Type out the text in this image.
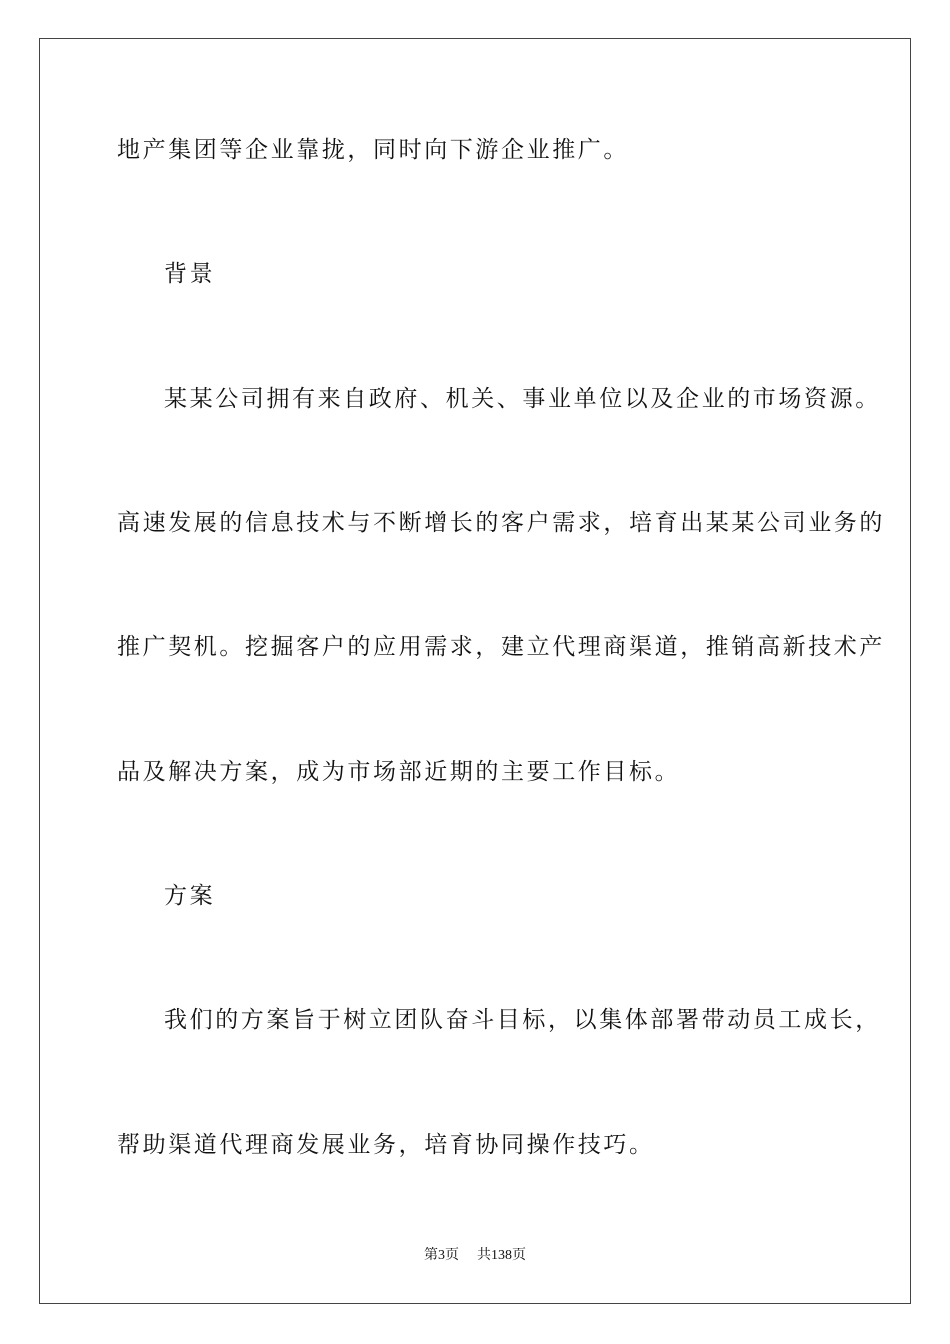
地产集团等企业靠拢，同时向下游企业推广。
背景
某某公司拥有来自政府、机关、事业单位以及企业的市场资源。
高速发展的信息技术与不断增长的客户需求，培育出某某公司业务的
推广契机。挖掘客户的应用需求，建立代理商渠道，推销高新技术产
品及解决方案，成为市场部近期的主要工作目标。
方案
我们的方案旨于树立团队奋斗目标，以集体部署带动员工成长，
帮助渠道代理商发展业务，培育协同操作技巧。
第3页 共138页
